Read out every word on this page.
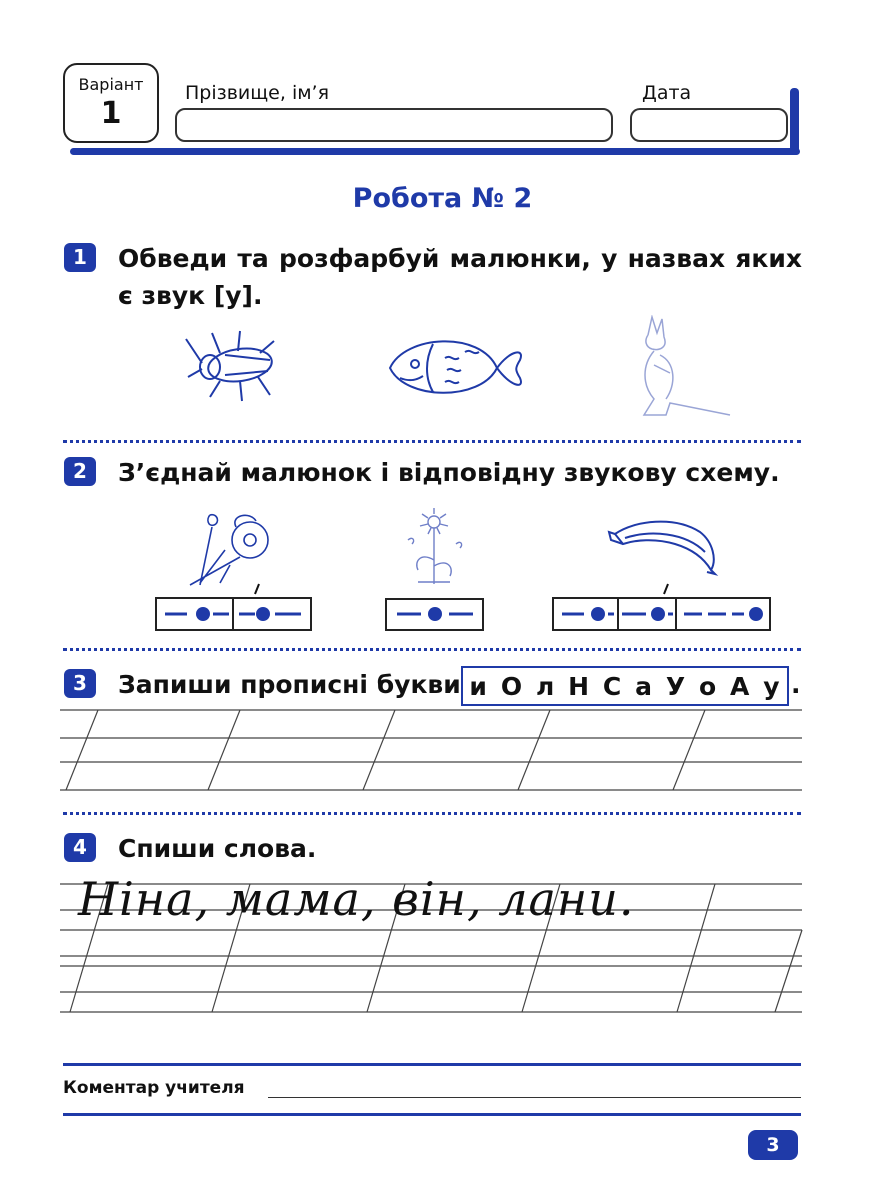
Варіант
1
Прізвище, ім’я	Дата
Робота № 2
1	Обведи та розфарбуй малюнки, у назвах яких
є звук [у].
2	З’єднай малюнок і відповідну звукову схему.
3	Запиши прописні букви и О л Н С а У о А у .
4	Спиши слова.
Ніна, мама, він, лани.
Коментар учителя
3
